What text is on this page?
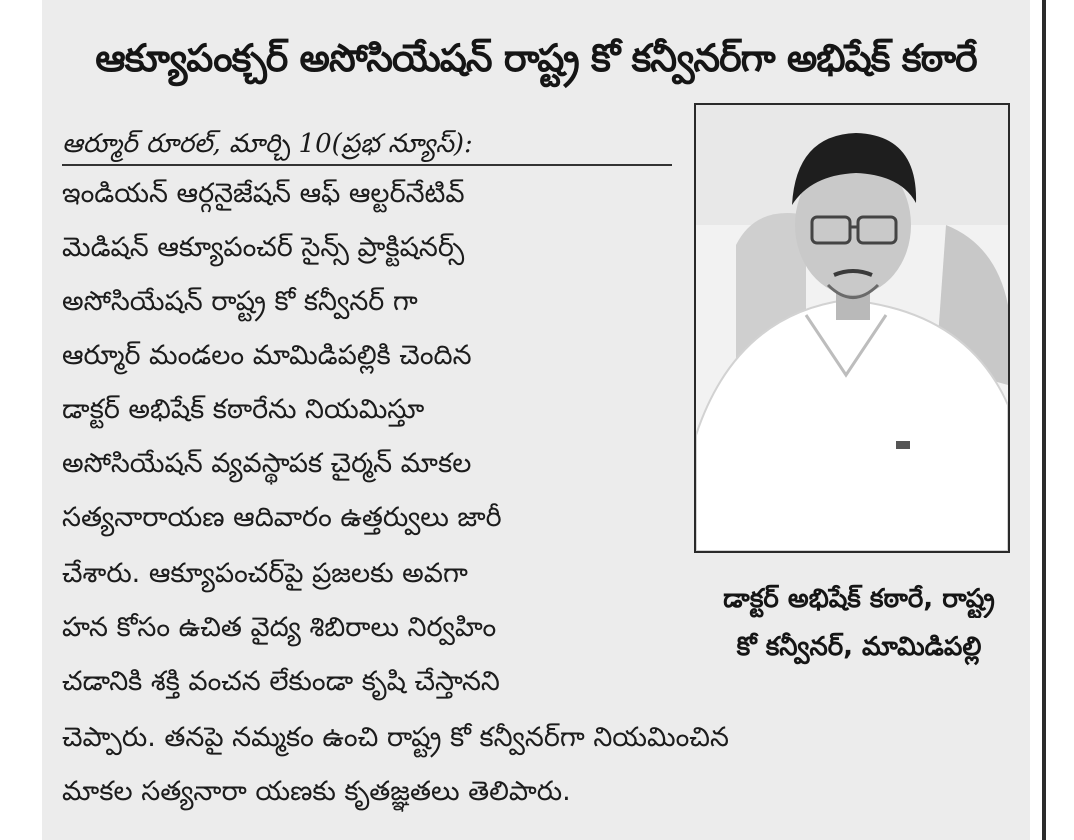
ఆక్యూపంక్చర్ అసోసియేషన్ రాష్ట్ర కో కన్వీనర్‌గా అభిషేక్ కఠారే
ఆర్మూర్ రూరల్, మార్చి 10(ప్రభ న్యూస్):
ఇండియన్ ఆర్గనైజేషన్ ఆఫ్ ఆల్టర్‌నేటివ్
మెడిషన్ ఆక్యూపంచర్ సైన్స్ ప్రాక్టిషనర్స్
అసోసియేషన్ రాష్ట్ర కో కన్వీనర్ గా
ఆర్మూర్ మండలం మామిడిపల్లికి చెందిన
డాక్టర్ అభిషేక్ కఠారేను నియమిస్తూ
అసోసియేషన్ వ్యవస్థాపక చైర్మన్ మాకల
సత్యనారాయణ ఆదివారం ఉత్తర్వులు జారీ
చేశారు. ఆక్యూపంచర్‌పై ప్రజలకు అవగా
హన కోసం ఉచిత వైద్య శిబిరాలు నిర్వహిం
చడానికి శక్తి వంచన లేకుండా కృషి చేస్తానని
చెప్పారు. తనపై నమ్మకం ఉంచి రాష్ట్ర కో కన్వీనర్‌గా నియమించిన
మాకల సత్యనారా యణకు కృతజ్ఞతలు తెలిపారు.
డాక్టర్ అభిషేక్ కఠారే, రాష్ట్ర
కో కన్వీనర్, మామిడిపల్లి
